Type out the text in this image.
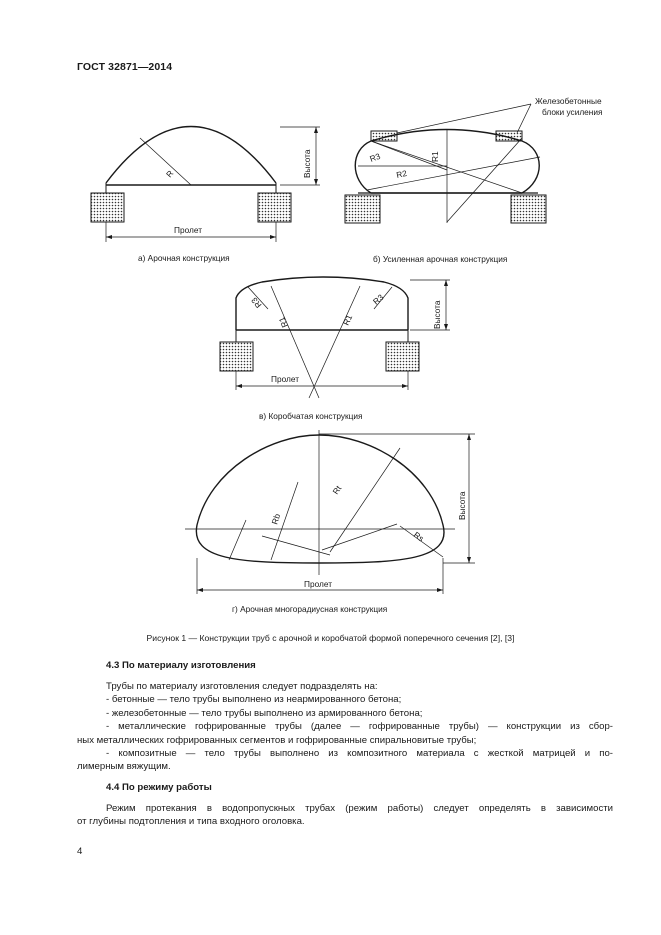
ГОСТ 32871—2014
R
Пролет
Высота
а) Арочная конструкция
Железобетонные
блоки усиления
R1
R2
R3
б) Усиленная арочная конструкция
R1	R1
R3	R3
Пролет
Высота
в) Коробчатая конструкция
Rt
Rb
Rs
Пролет
Высота
г) Арочная многорадиусная конструкция
Рисунок 1 — Конструкции труб с арочной и коробчатой формой поперечного сечения [2], [3]
4.3 По материалу изготовления

Трубы по материалу изготовления следует подразделять на:

- бетонные — тело трубы выполнено из неармированного бетона;

- железобетонные — тело трубы выполнено из армированного бетона;

- металлические гофрированные трубы (далее — гофрированные трубы) — конструкции из сбор-

ных металлических гофрированных сегментов и гофрированные спиральновитые трубы;

- композитные — тело трубы выполнено из композитного материала с жесткой матрицей и по-

лимерным вяжущим.

4.4 По режиму работы

Режим протекания в водопропускных трубах (режим работы) следует определять в зависимости

от глубины подтопления и типа входного оголовка.

4
